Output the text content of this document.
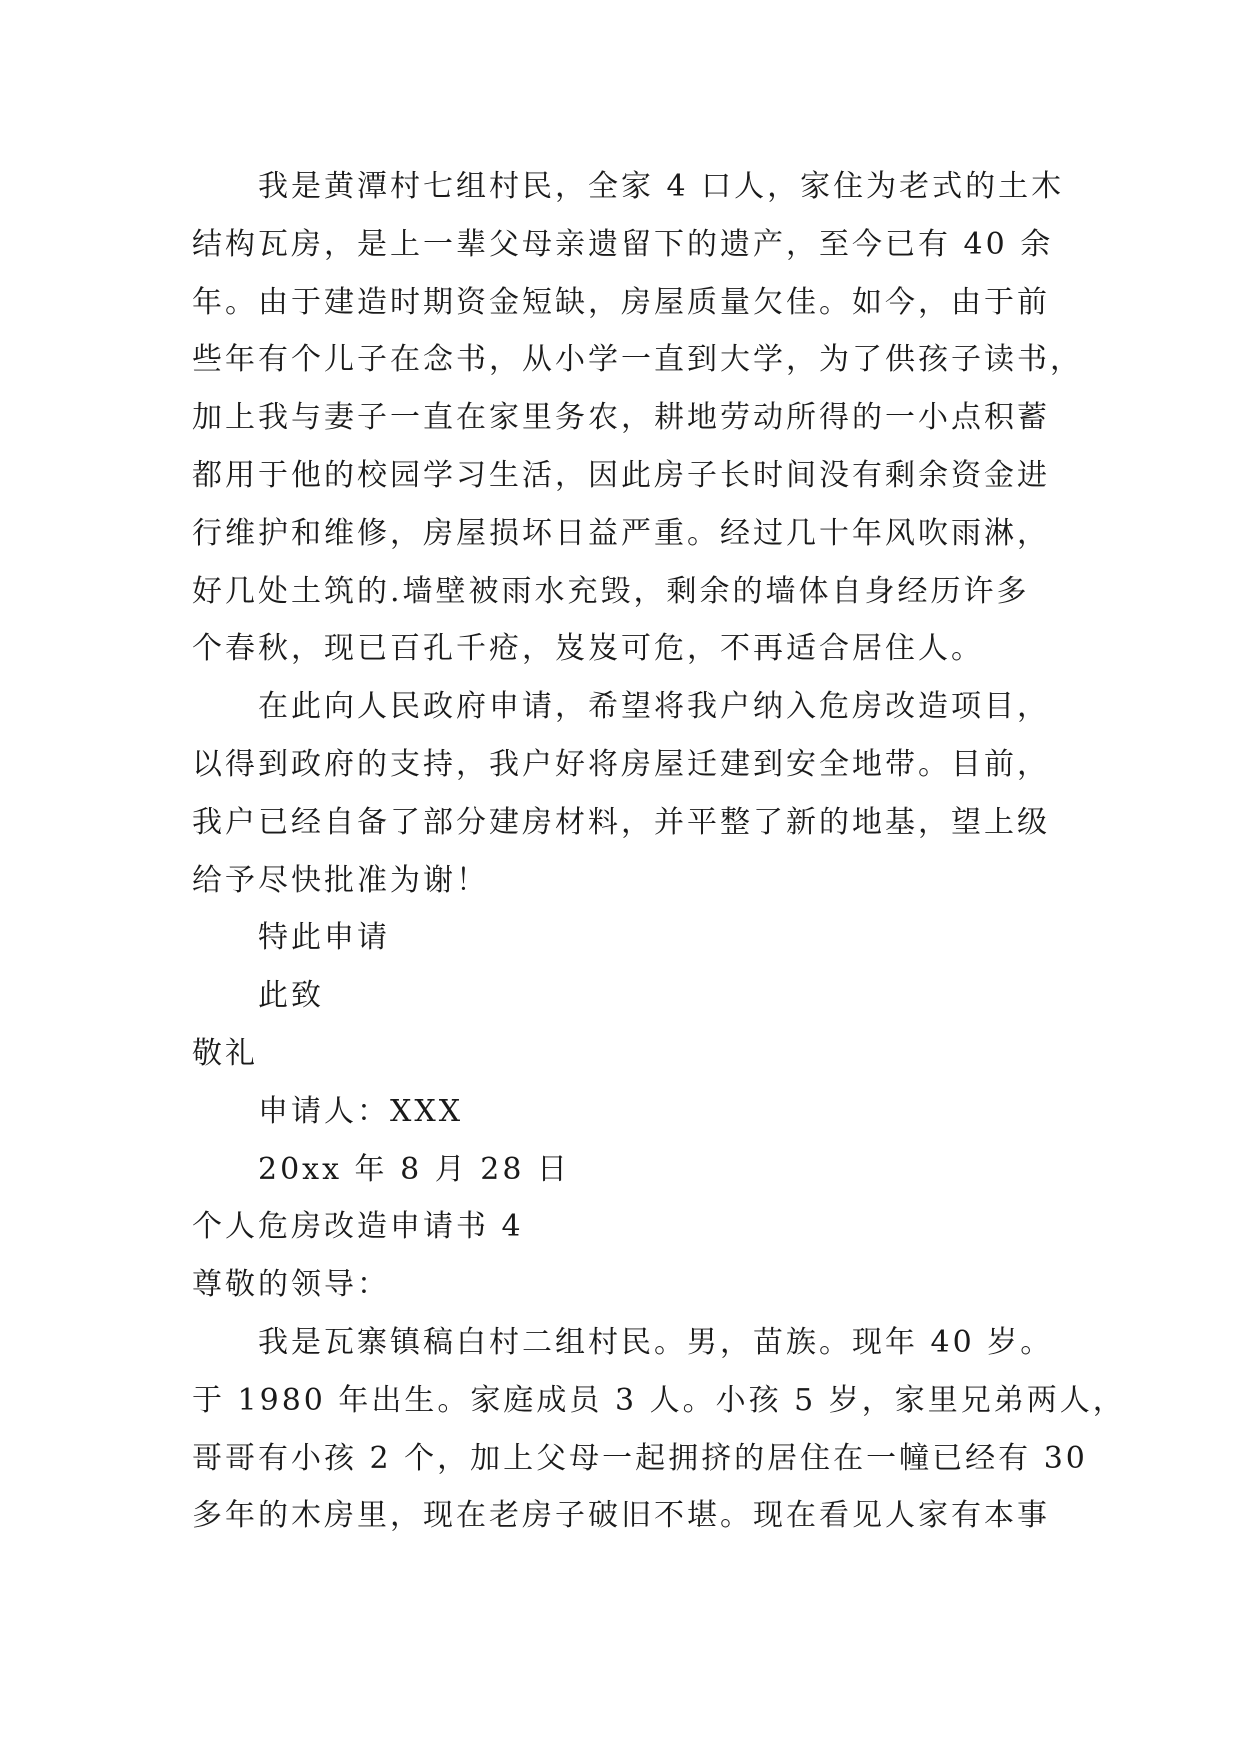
我是黄潭村七组村民，全家 4 口人，家住为老式的土木
结构瓦房，是上一辈父母亲遗留下的遗产，至今已有 40 余
年。由于建造时期资金短缺，房屋质量欠佳。如今，由于前
些年有个儿子在念书，从小学一直到大学，为了供孩子读书，
加上我与妻子一直在家里务农，耕地劳动所得的一小点积蓄
都用于他的校园学习生活，因此房子长时间没有剩余资金进
行维护和维修，房屋损坏日益严重。经过几十年风吹雨淋，
好几处土筑的.墙壁被雨水充毁，剩余的墙体自身经历许多
个春秋，现已百孔千疮，岌岌可危，不再适合居住人。
在此向人民政府申请，希望将我户纳入危房改造项目，
以得到政府的支持，我户好将房屋迁建到安全地带。目前，
我户已经自备了部分建房材料，并平整了新的地基，望上级
给予尽快批准为谢！
特此申请
此致
敬礼
申请人：XXX
20xx 年 8 月 28 日
个人危房改造申请书 4
尊敬的领导：
我是瓦寨镇稿白村二组村民。男，苗族。现年 40 岁。
于 1980 年出生。家庭成员 3 人。小孩 5 岁，家里兄弟两人，
哥哥有小孩 2 个，加上父母一起拥挤的居住在一幢已经有 30
多年的木房里，现在老房子破旧不堪。现在看见人家有本事
